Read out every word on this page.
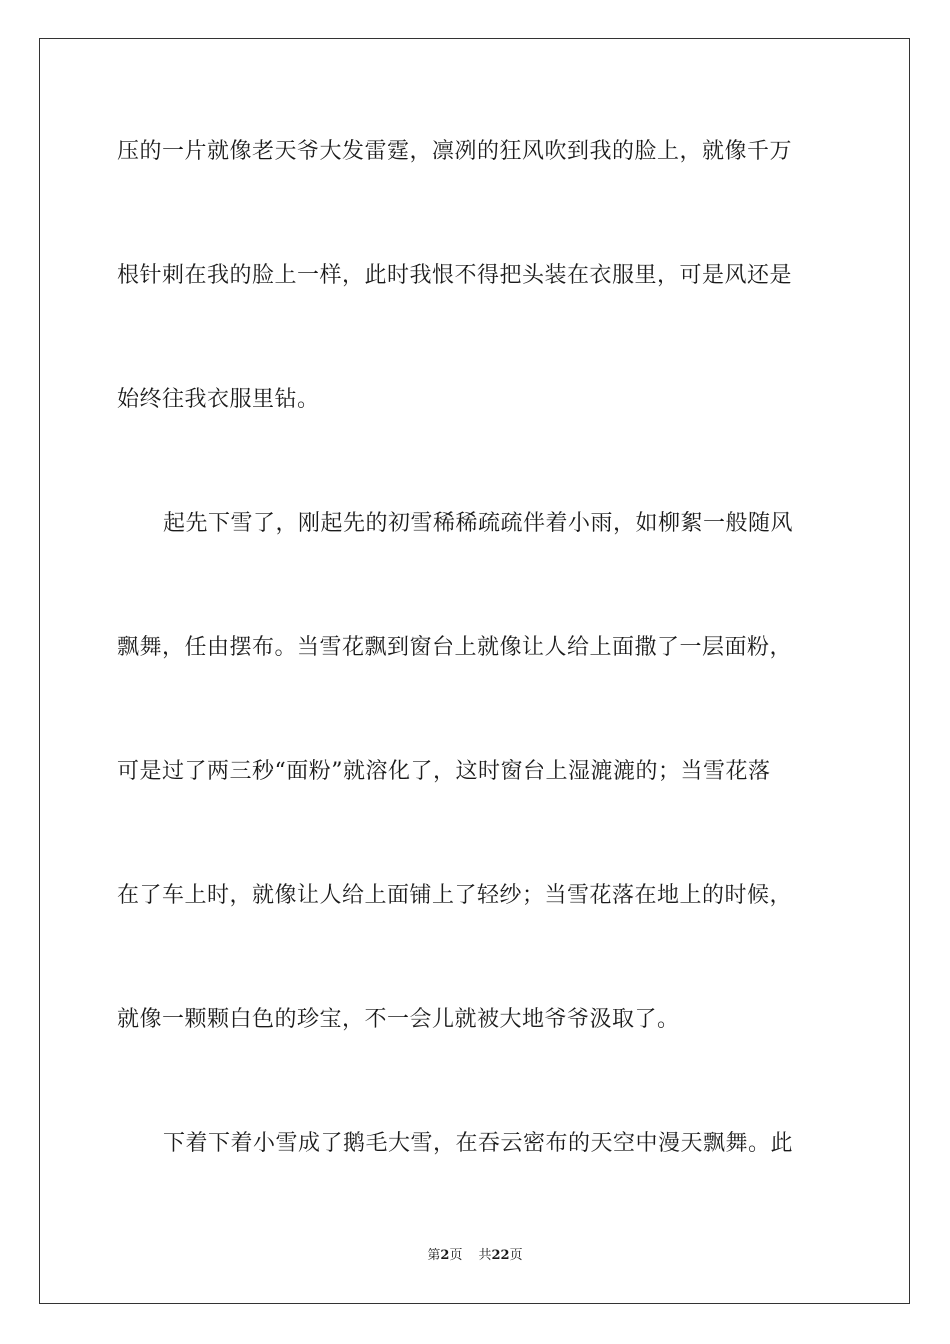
压的一片就像老天爷大发雷霆，凛冽的狂风吹到我的脸上，就像千万
根针刺在我的脸上一样，此时我恨不得把头装在衣服里，可是风还是
始终往我衣服里钻。
起先下雪了，刚起先的初雪稀稀疏疏伴着小雨，如柳絮一般随风
飘舞，任由摆布。当雪花飘到窗台上就像让人给上面撒了一层面粉，
可是过了两三秒“面粉”就溶化了，这时窗台上湿漉漉的；当雪花落
在了车上时，就像让人给上面铺上了轻纱；当雪花落在地上的时候，
就像一颗颗白色的珍宝，不一会儿就被大地爷爷汲取了。
下着下着小雪成了鹅毛大雪，在吞云密布的天空中漫天飘舞。此
第2页 共22页
